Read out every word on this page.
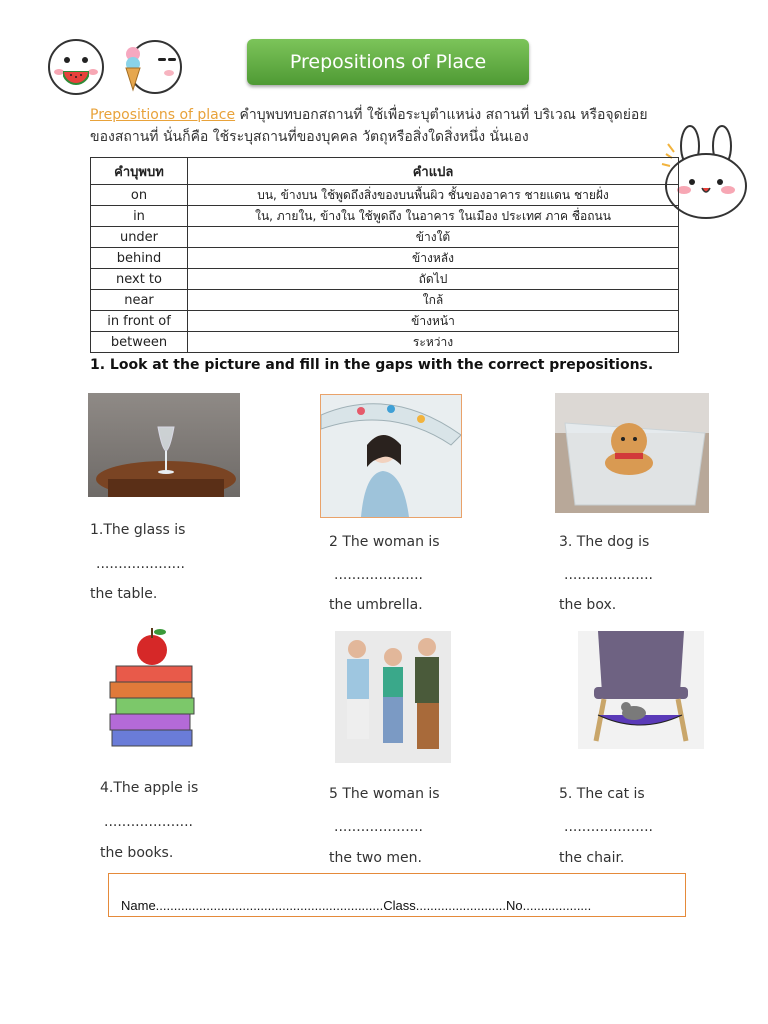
Prepositions of Place
Prepositions of place คำบุพบทบอกสถานที่ ใช้เพื่อระบุตำแหน่ง สถานที่ บริเวณ หรือจุดย่อยของสถานที่ นั่นก็คือ ใช้ระบุสถานที่ของบุคคล วัตถุหรือสิ่งใดสิ่งหนึ่ง นั่นเอง
คำบุพบท	คำแปล
on	บน, ข้างบน ใช้พูดถึงสิ่งของบนพื้นผิว ชั้นของอาคาร ชายแดน ชายฝั่ง
in	ใน, ภายใน, ข้างใน ใช้พูดถึง ในอาคาร ในเมือง ประเทศ ภาค ชื่อถนน
under	ข้างใต้
behind	ข้างหลัง
next to	ถัดไป
near	ใกล้
in front of	ข้างหน้า
between	ระหว่าง
1. Look at the picture and fill in the gaps with the correct prepositions.
1.The glass is
....................
the table.
2 The woman is
....................
the umbrella.
3. The dog is
....................
the box.
4.The apple is
....................
the books.
5 The woman is
....................
the two men.
5. The cat is
....................
the chair.
Name...............................................................Class.........................No...................
